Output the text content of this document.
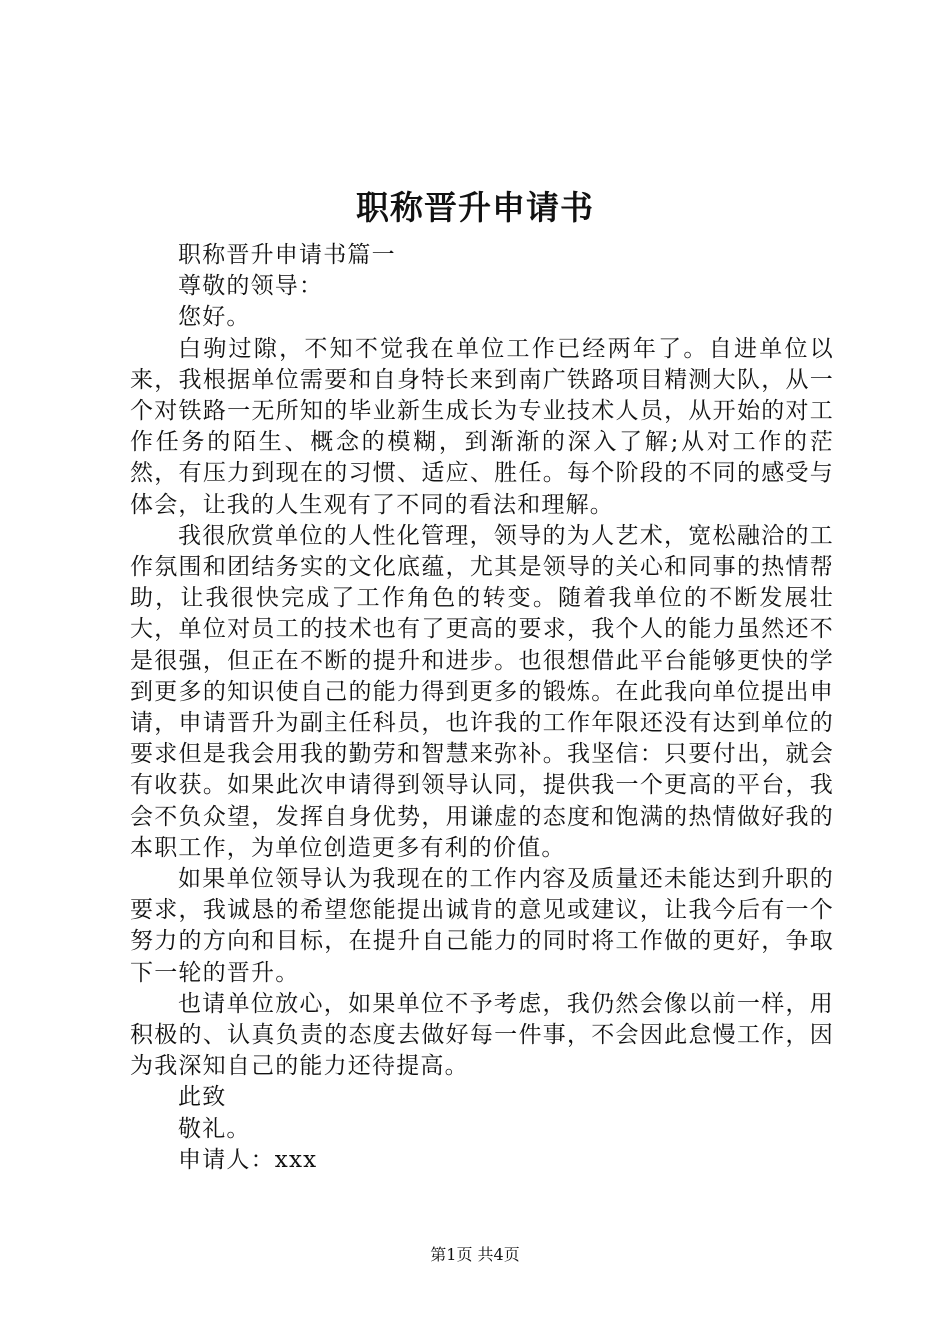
职称晋升申请书

职称晋升申请书篇一

尊敬的领导：

您好。

白驹过隙，不知不觉我在单位工作已经两年了。自进单位以来，我根据单位需要和自身特长来到南广铁路项目精测大队，从一个对铁路一无所知的毕业新生成长为专业技术人员，从开始的对工作任务的陌生、概念的模糊，到渐渐的深入了解;从对工作的茫然，有压力到现在的习惯、适应、胜任。每个阶段的不同的感受与体会，让我的人生观有了不同的看法和理解。

我很欣赏单位的人性化管理，领导的为人艺术，宽松融洽的工作氛围和团结务实的文化底蕴，尤其是领导的关心和同事的热情帮助，让我很快完成了工作角色的转变。随着我单位的不断发展壮大，单位对员工的技术也有了更高的要求，我个人的能力虽然还不是很强，但正在不断的提升和进步。也很想借此平台能够更快的学到更多的知识使自己的能力得到更多的锻炼。在此我向单位提出申请，申请晋升为副主任科员，也许我的工作年限还没有达到单位的要求但是我会用我的勤劳和智慧来弥补。我坚信：只要付出，就会有收获。如果此次申请得到领导认同，提供我一个更高的平台，我会不负众望，发挥自身优势，用谦虚的态度和饱满的热情做好我的本职工作，为单位创造更多有利的价值。

如果单位领导认为我现在的工作内容及质量还未能达到升职的要求，我诚恳的希望您能提出诚肯的意见或建议，让我今后有一个努力的方向和目标，在提升自己能力的同时将工作做的更好，争取下一轮的晋升。

也请单位放心，如果单位不予考虑，我仍然会像以前一样，用积极的、认真负责的态度去做好每一件事，不会因此怠慢工作，因为我深知自己的能力还待提高。

此致

敬礼。

申请人：xxx

第1页 共4页
